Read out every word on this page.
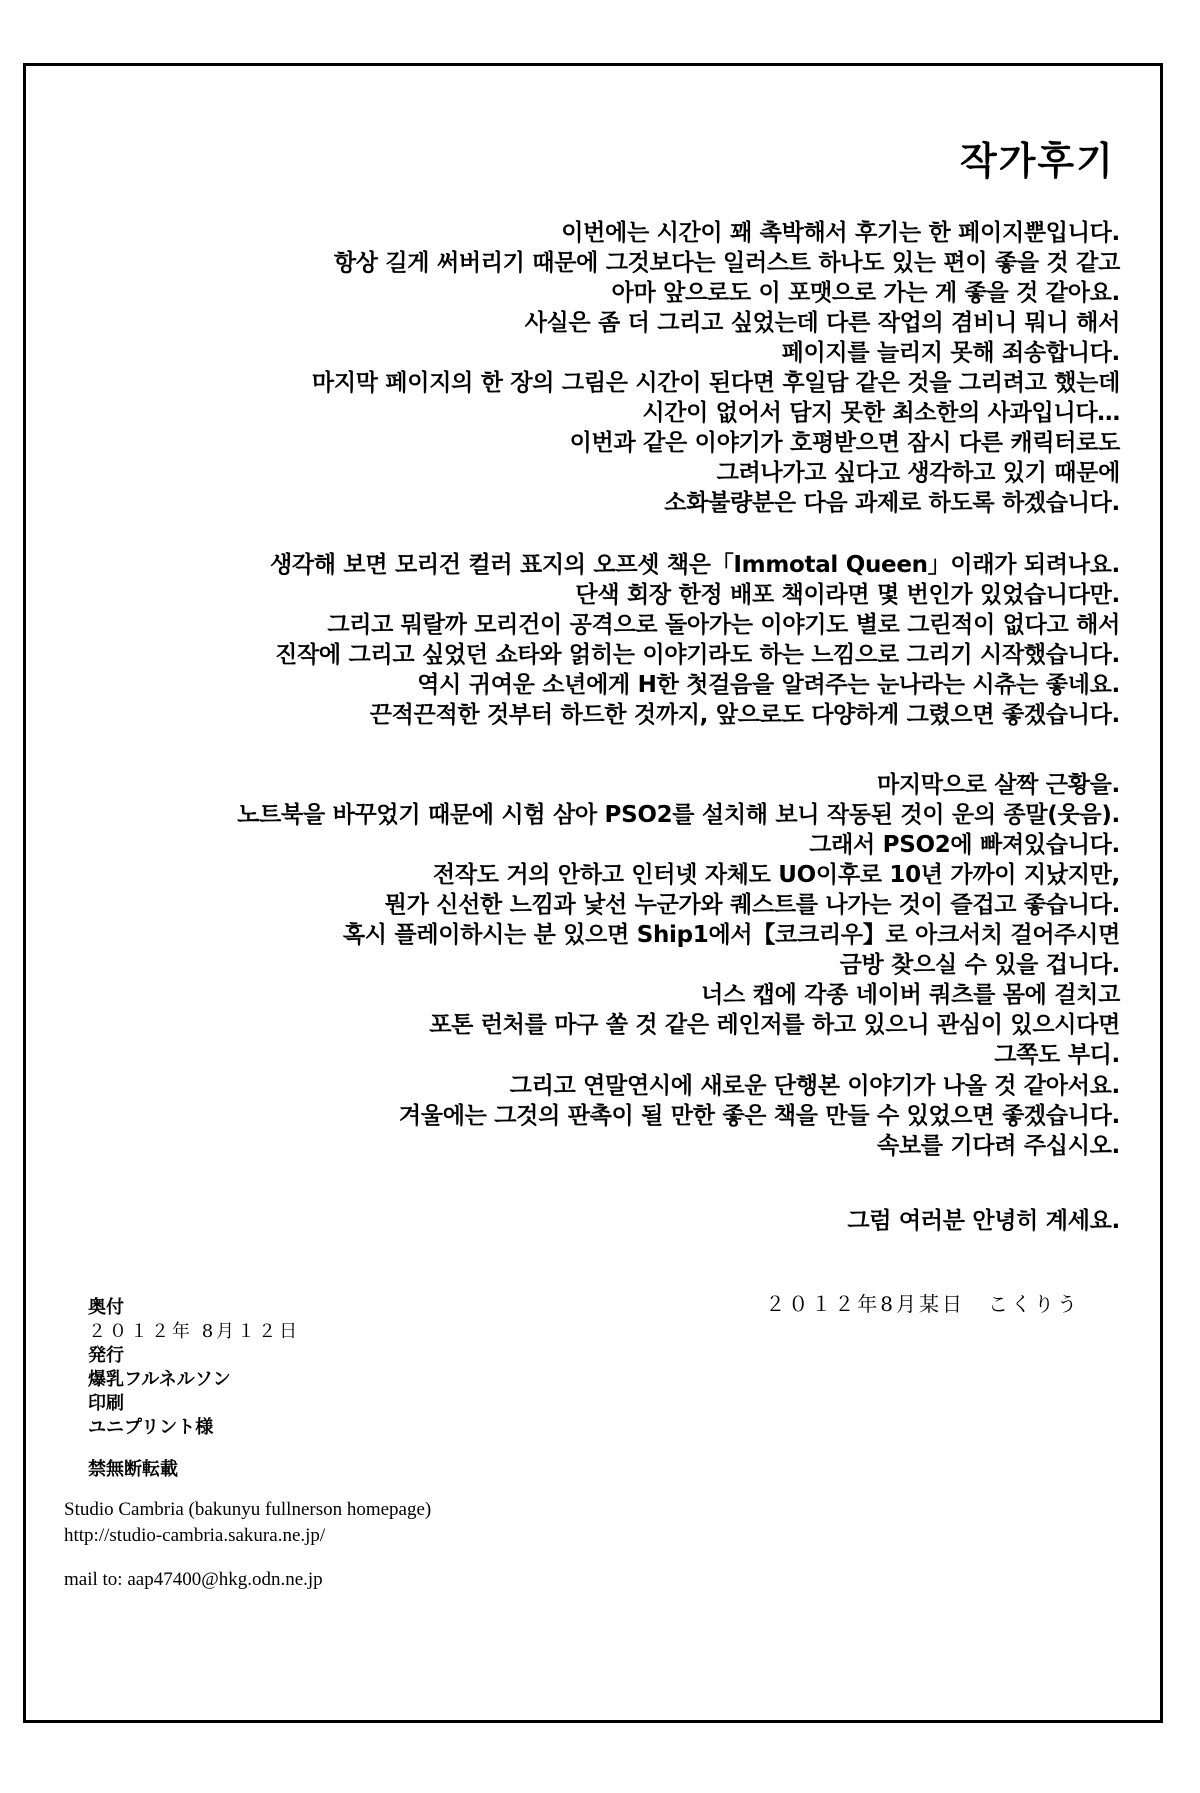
작가후기
이번에는 시간이 꽤 촉박해서 후기는 한 페이지뿐입니다.
항상 길게 써버리기 때문에 그것보다는 일러스트 하나도 있는 편이 좋을 것 같고
아마 앞으로도 이 포맷으로 가는 게 좋을 것 같아요.
사실은 좀 더 그리고 싶었는데 다른 작업의 겸비니 뭐니 해서
페이지를 늘리지 못해 죄송합니다.
마지막 페이지의 한 장의 그림은 시간이 된다면 후일담 같은 것을 그리려고 했는데
시간이 없어서 담지 못한 최소한의 사과입니다…
이번과 같은 이야기가 호평받으면 잠시 다른 캐릭터로도
그려나가고 싶다고 생각하고 있기 때문에
소화불량분은 다음 과제로 하도록 하겠습니다.
생각해 보면 모리건 컬러 표지의 오프셋 책은「Immotal Queen」이래가 되려나요.
단색 회장 한정 배포 책이라면 몇 번인가 있었습니다만.
그리고 뭐랄까 모리건이 공격으로 돌아가는 이야기도 별로 그린적이 없다고 해서
진작에 그리고 싶었던 쇼타와 얽히는 이야기라도 하는 느낌으로 그리기 시작했습니다.
역시 귀여운 소년에게 H한 첫걸음을 알려주는 눈나라는 시츄는 좋네요.
끈적끈적한 것부터 하드한 것까지, 앞으로도 다양하게 그렸으면 좋겠습니다.
마지막으로 살짝 근황을.
노트북을 바꾸었기 때문에 시험 삼아 PSO2를 설치해 보니 작동된 것이 운의 종말(웃음).
그래서 PSO2에 빠져있습니다.
전작도 거의 안하고 인터넷 자체도 UO이후로 10년 가까이 지났지만,
뭔가 신선한 느낌과 낯선 누군가와 퀘스트를 나가는 것이 즐겁고 좋습니다.
혹시 플레이하시는 분 있으면 Ship1에서【코크리우】로 아크서치 걸어주시면
금방 찾으실 수 있을 겁니다.
너스 캡에 각종 네이버 쿼츠를 몸에 걸치고
포톤 런처를 마구 쏠 것 같은 레인저를 하고 있으니 관심이 있으시다면
그쪽도 부디.
그리고 연말연시에 새로운 단행본 이야기가 나올 것 같아서요.
겨울에는 그것의 판촉이 될 만한 좋은 책을 만들 수 있었으면 좋겠습니다.
속보를 기다려 주십시오.
그럼 여러분 안녕히 계세요.
２０１２年8月某日　こくりう
奥付
２０１２年 8月１２日
発行
爆乳フルネルソン
印刷
ユニプリント様
禁無断転載
Studio Cambria (bakunyu fullnerson homepage)
http://studio-cambria.sakura.ne.jp/
mail to: aap47400@hkg.odn.ne.jp
